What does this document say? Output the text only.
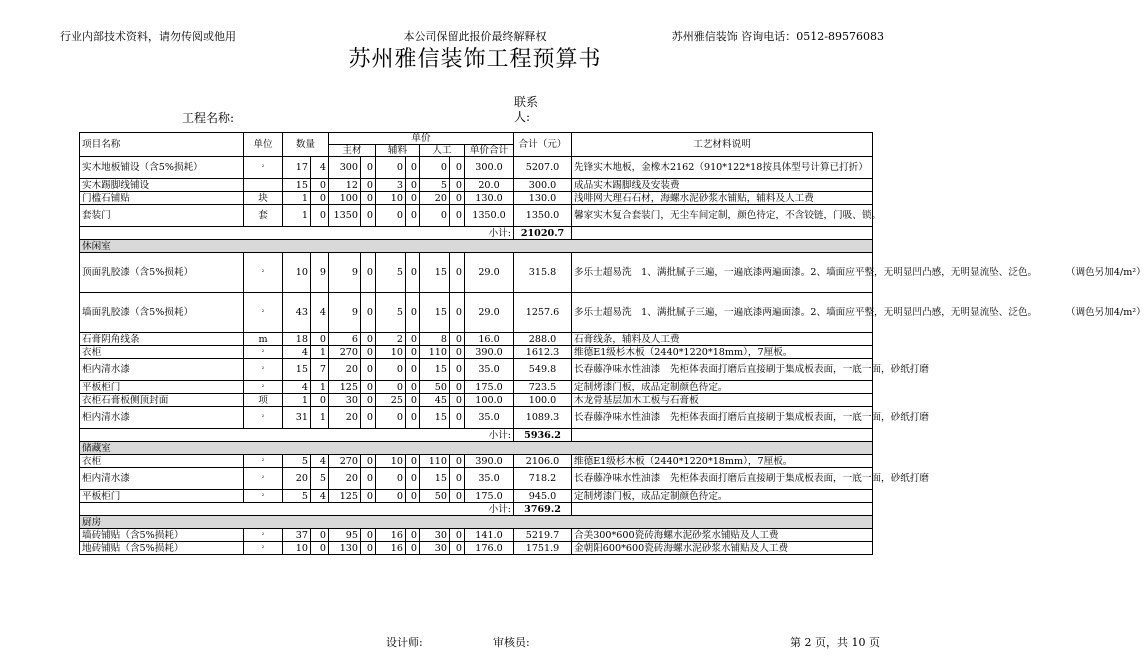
行业内部技术资料，请勿传阅或他用	本公司保留此报价最终解释权	苏州雅信装饰 咨询电话：0512-89576083
苏州雅信装饰工程预算书
工程名称:
联系人:
项目名称	单位	数量		单价							合计（元）	工艺材料说明
				主材		辅料		人工		单价合计		
实木地板铺设（含5%损耗）	²	17	4	300	0	0	0	0	0	300.0	5207.0	先锋实木地板，金橡木2162（910*122*18按具体型号计算已打折）
实木踢脚线铺设		15	0	12	0	3	0	5	0	20.0	300.0	成品实木踢脚线及安装费
门槛石铺贴	块	1	0	100	0	10	0	20	0	130.0	130.0	浅啡网大理石石材，海螺水泥砂浆水铺贴，辅料及人工费
套装门	套	1	0	1350	0	0	0	0	0	1350.0	1350.0	馨家实木复合套装门，无尘车间定制，颜色待定，不含铰链，门吸、锁。
小计:											21020.7	
休闲室												
顶面乳胶漆（含5%损耗）	²	10	9	9	0	5	0	15	0	29.0	315.8	多乐士超易洗　1、满批腻子三遍，一遍底漆两遍面漆。2、墙面应平整，无明显凹凸感，无明显流坠、泛色。　　　　（调色另加4/m²）
墙面乳胶漆（含5%损耗）	²	43	4	9	0	5	0	15	0	29.0	1257.6	多乐士超易洗　1、满批腻子三遍，一遍底漆两遍面漆。2、墙面应平整，无明显凹凸感，无明显流坠、泛色。　　　　（调色另加4/m²）
石膏阴角线条	m	18	0	6	0	2	0	8	0	16.0	288.0	石膏线条，辅料及人工费
衣柜	²	4	1	270	0	10	0	110	0	390.0	1612.3	维德E1级杉木板（2440*1220*18mm），7厘板。
柜内清水漆	²	15	7	20	0	0	0	15	0	35.0	549.8	长春藤净味水性油漆　先柜体表面打磨后直接刷于集成板表面，一底一面，砂纸打磨
平板柜门	²	4	1	125	0	0	0	50	0	175.0	723.5	定制烤漆门板，成品定制颜色待定。
衣柜石膏板侧顶封面	项	1	0	30	0	25	0	45	0	100.0	100.0	木龙骨基层加木工板与石膏板
柜内清水漆	²	31	1	20	0	0	0	15	0	35.0	1089.3	长春藤净味水性油漆　先柜体表面打磨后直接刷于集成板表面，一底一面，砂纸打磨
小计:											5936.2	
储藏室												
衣柜	²	5	4	270	0	10	0	110	0	390.0	2106.0	维德E1级杉木板（2440*1220*18mm），7厘板。
柜内清水漆	²	20	5	20	0	0	0	15	0	35.0	718.2	长春藤净味水性油漆　先柜体表面打磨后直接刷于集成板表面，一底一面，砂纸打磨
平板柜门	²	5	4	125	0	0	0	50	0	175.0	945.0	定制烤漆门板，成品定制颜色待定。
小计:											3769.2	
厨房												
墙砖铺贴（含5%损耗）	²	37	0	95	0	16	0	30	0	141.0	5219.7	合美300*600瓷砖海螺水泥砂浆水铺贴及人工费
地砖铺贴（含5%损耗）	²	10	0	130	0	16	0	30	0	176.0	1751.9	金朝阳600*600瓷砖海螺水泥砂浆水铺贴及人工费
设计师:	审核员:	第 2 页，共 10 页
